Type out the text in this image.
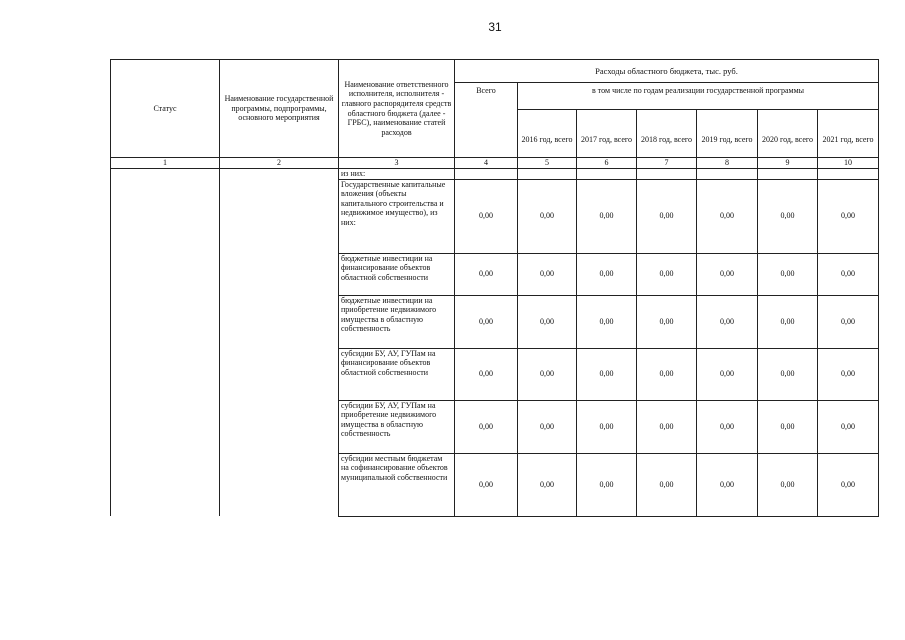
31
Статус	Наименование государственной программы, подпрограммы, основного мероприятия	Наименование ответственного исполнителя, исполнителя - главного распорядителя средств областного бюджета (далее - ГРБС), наименование статей расходов	Расходы областного бюджета, тыс. руб.						
			Всего	в том числе по годам реализации государственной программы					
				2016 год, всего	2017 год, всего	2018 год, всего	2019 год, всего	2020 год, всего	2021 год, всего
1	2	3	4	5	6	7	8	9	10
		из них:							
		Государственные капитальные вложения (объекты капитального строительства и недвижимое имущество), из них:	0,00	0,00	0,00	0,00	0,00	0,00	0,00
		бюджетные инвестиции на финансирование объектов областной собственности	0,00	0,00	0,00	0,00	0,00	0,00	0,00
		бюджетные инвестиции на приобретение недвижимого имущества в областную собственность	0,00	0,00	0,00	0,00	0,00	0,00	0,00
		субсидии БУ, АУ, ГУПам на финансирование объектов областной собственности	0,00	0,00	0,00	0,00	0,00	0,00	0,00
		субсидии БУ, АУ, ГУПам на приобретение недвижимого имущества в областную собственность	0,00	0,00	0,00	0,00	0,00	0,00	0,00
		субсидии местным бюджетам на софинансирование объектов муниципальной собственности	0,00	0,00	0,00	0,00	0,00	0,00	0,00
